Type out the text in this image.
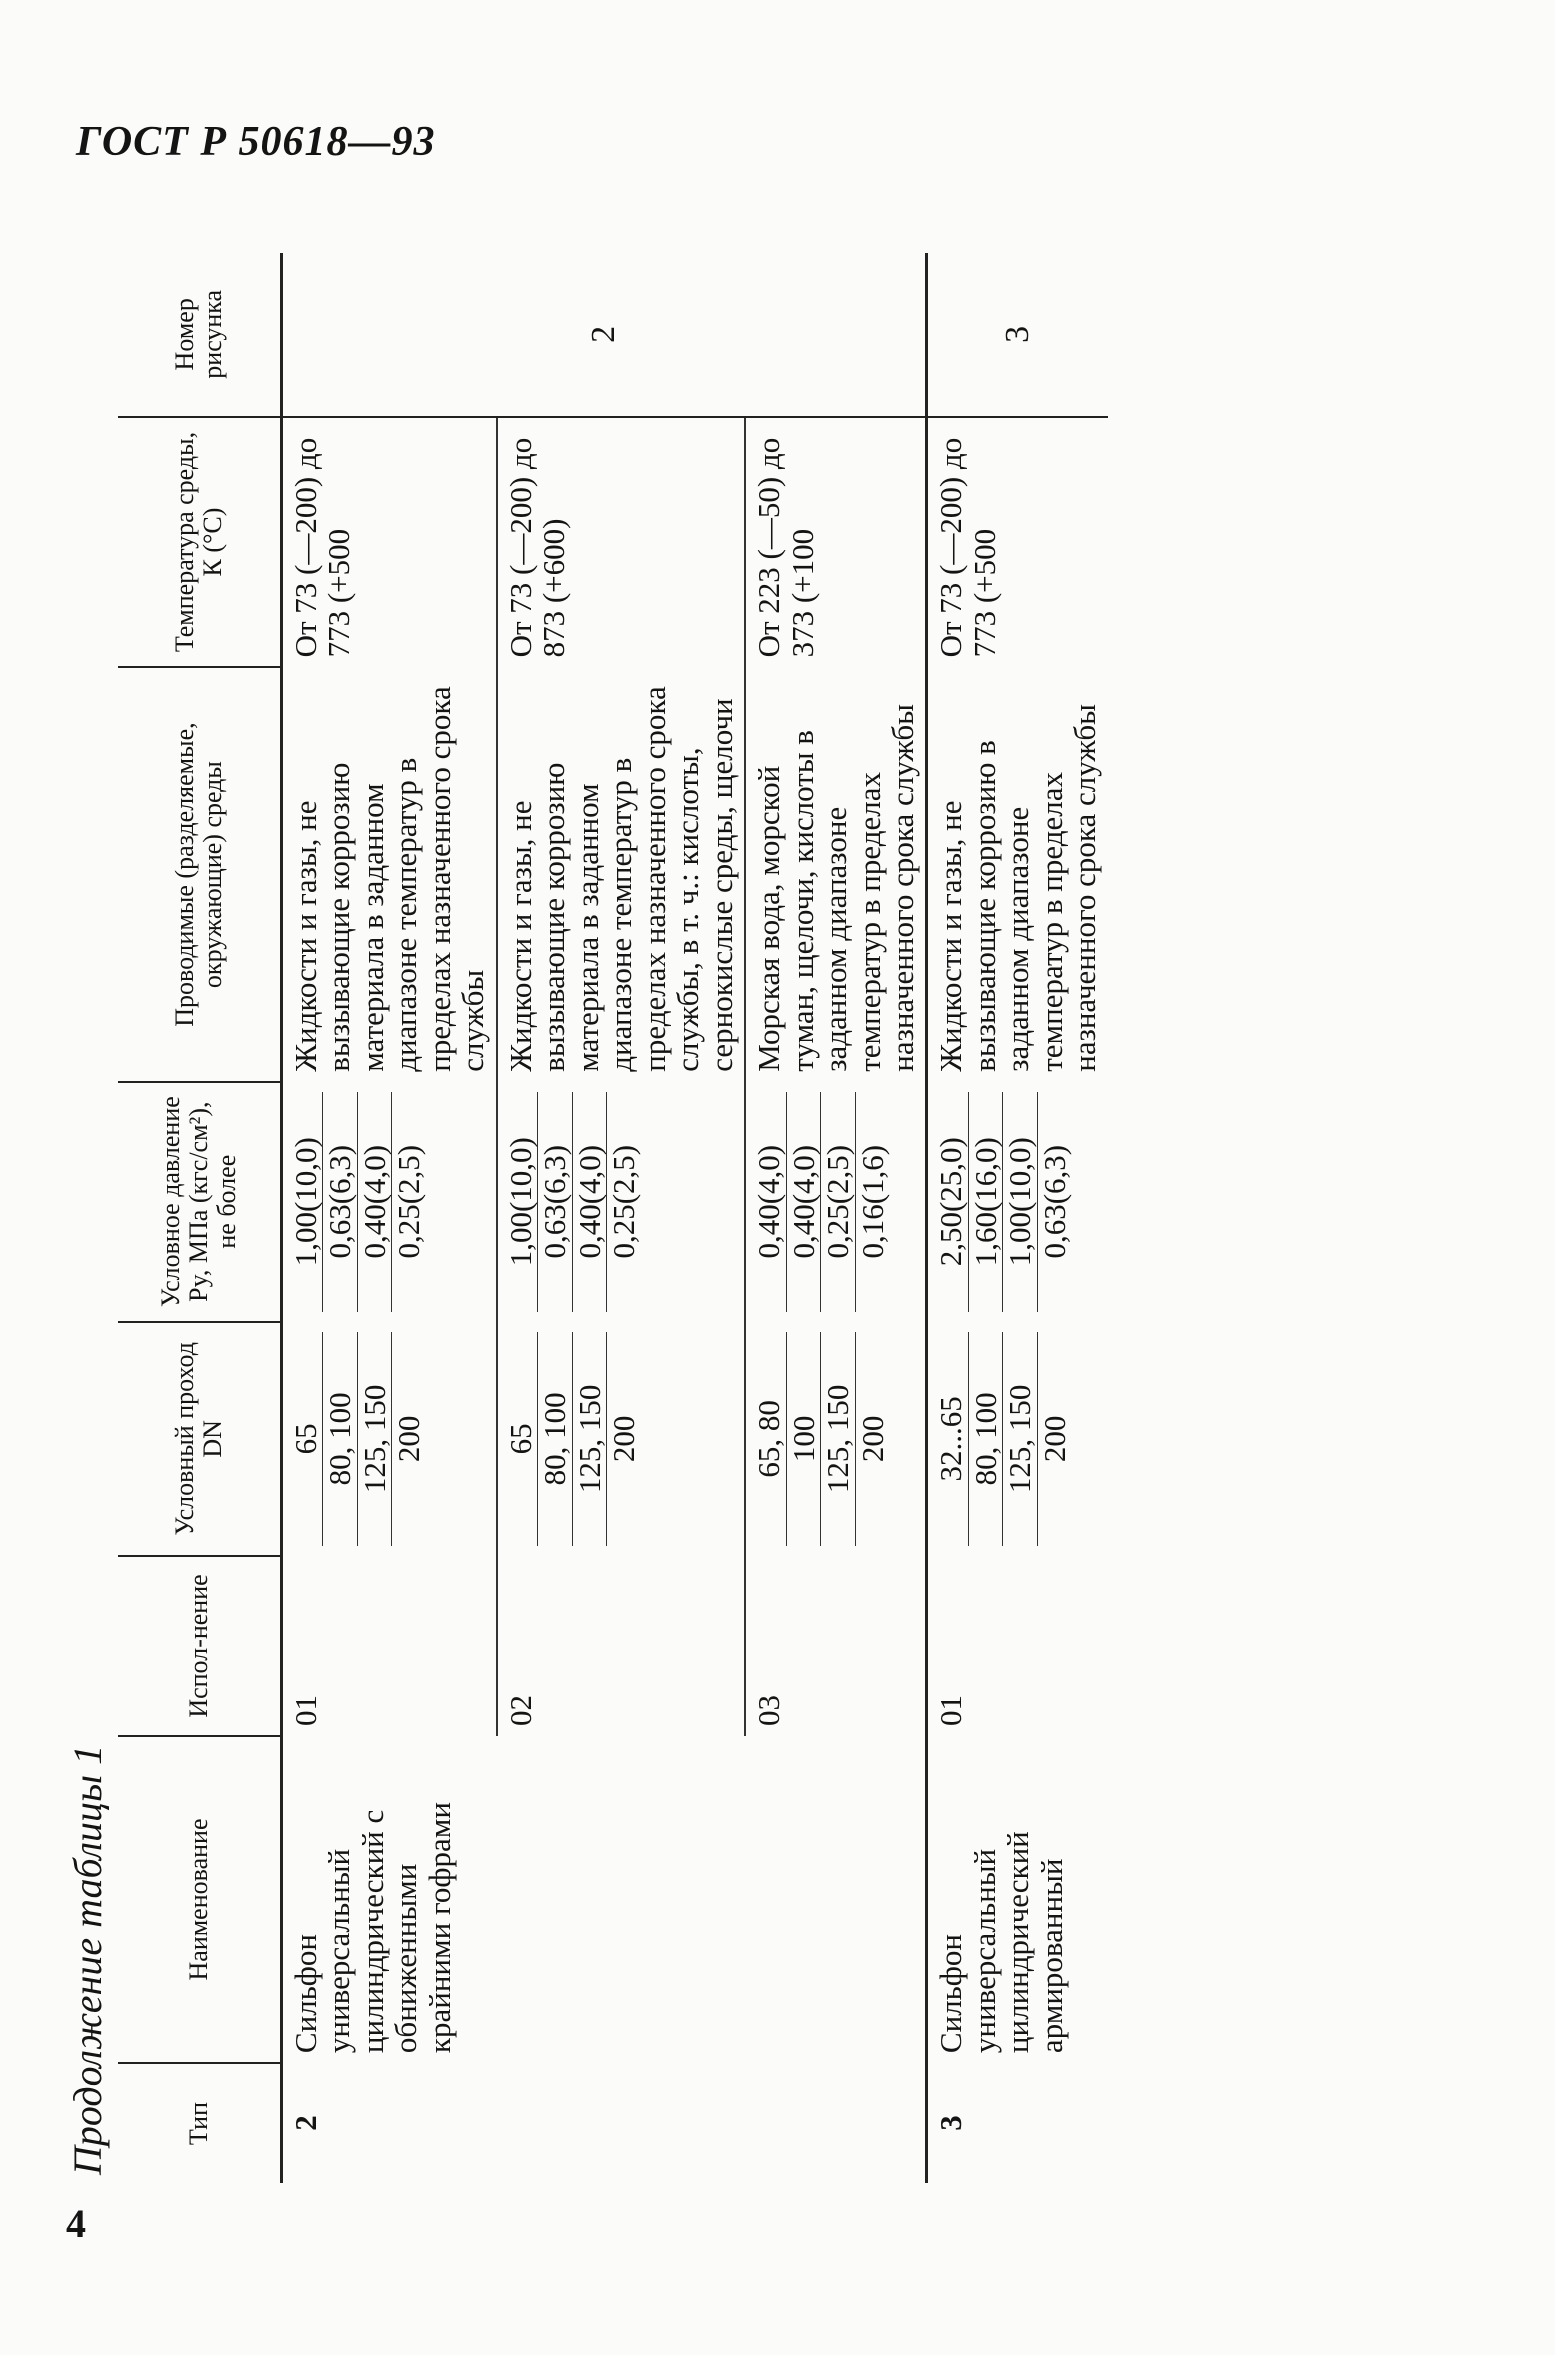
ГОСТ Р 50618—93
Продолжение таблицы 1
4
Тип	Наименование	Испол-нение	Условный проход DN	Условное давление Py, МПа (кгс/см²), не более	Проводимые (разделяемые, окружающие) среды	Температура среды, К (°С)	Номер рисунка
2	Сильфон универсальный цилиндрический с обниженными крайними гофрами	01	65 80, 100 125, 150 200	1,00(10,0) 0,63(6,3) 0,40(4,0) 0,25(2,5)	Жидкости и газы, не вызывающие коррозию материала в заданном диапазоне температур в пределах назначенного срока службы	От 73 (—200) до 773 (+500	2
		02	65 80, 100 125, 150 200	1,00(10,0) 0,63(6,3) 0,40(4,0) 0,25(2,5)	Жидкости и газы, не вызывающие коррозию материала в заданном диапазоне температур в пределах назначенного срока службы, в т. ч.: кислоты, сернокислые среды, щелочи	От 73 (—200) до 873 (+600)	
		03	65, 80 100 125, 150 200	0,40(4,0) 0,40(4,0) 0,25(2,5) 0,16(1,6)	Морская вода, морской туман, щелочи, кислоты в заданном диапазоне температур в пределах назначенного срока службы	От 223 (—50) до 373 (+100	
3	Сильфон универсальный цилиндрический армированный	01	32...65 80, 100 125, 150 200	2,50(25,0) 1,60(16,0) 1,00(10,0) 0,63(6,3)	Жидкости и газы, не вызывающие коррозию в заданном диапазоне температур в пределах назначенного срока службы	От 73 (—200) до 773 (+500	3
